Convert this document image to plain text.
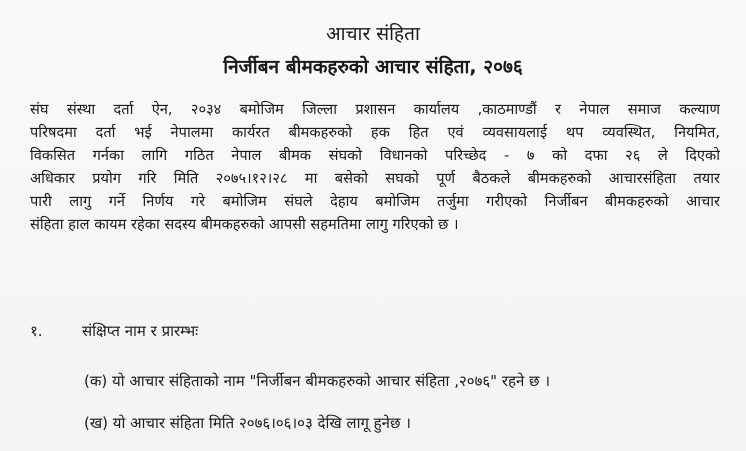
आचार संहिता
निर्जीबन बीमकहरुको आचार संहिता, २०७६
संघ संस्था दर्ता ऐन, २०३४ बमोजिम जिल्ला प्रशासन कार्यालय ,काठमाण्डौं र नेपाल समाज कल्याण
परिषदमा दर्ता भई नेपालमा कार्यरत बीमकहरुको हक हित एवं व्यवसायलाई थप व्यवस्थित, नियमित,
विकसित गर्नका लागि गठित नेपाल बीमक संघको विधानको परिच्छेद - ७ को दफा २६ ले दिएको
अधिकार प्रयोग गरि मिति २०७५।१२।२८ मा बसेको सघको पूर्ण बैठकले बीमकहरुको आचारसंहिता तयार
पारी लागु गर्ने निर्णय गरे बमोजिम संघले देहाय बमोजिम तर्जुमा गरीएको निर्जीबन बीमकहरुको आचार
संहिता हाल कायम रहेका सदस्य बीमकहरुको आपसी सहमतिमा लागु गरिएको छ ।
१.	संक्षिप्त नाम र प्रारम्भः
(क) यो आचार संहिताको नाम "निर्जीबन बीमकहरुको आचार संहिता ,२०७६" रहने छ ।
(ख) यो आचार संहिता मिति २०७६।०६।०३ देखि लागू हुनेछ ।
